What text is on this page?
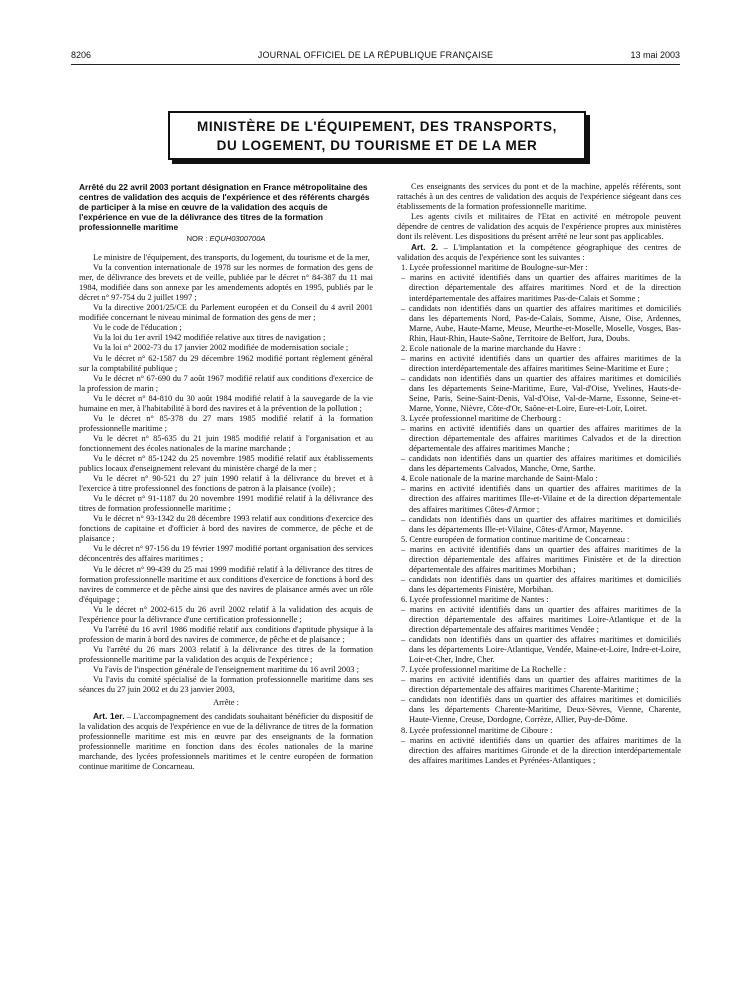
8206	JOURNAL OFFICIEL DE LA RÉPUBLIQUE FRANÇAISE	13 mai 2003
MINISTÈRE DE L'ÉQUIPEMENT, DES TRANSPORTS,
DU LOGEMENT, DU TOURISME ET DE LA MER

Arrêté du 22 avril 2003 portant désignation en France métropolitaine des centres de validation des acquis de l'expérience et des référents chargés de participer à la mise en œuvre de la validation des acquis de l'expérience en vue de la délivrance des titres de la formation professionnelle maritime

NOR : EQUH0300700A

Le ministre de l'équipement, des transports, du logement, du tourisme et de la mer,

Vu la convention internationale de 1978 sur les normes de formation des gens de mer, de délivrance des brevets et de veille, publiée par le décret n° 84-387 du 11 mai 1984, modifiée dans son annexe par les amendements adoptés en 1995, publiés par le décret n° 97-754 du 2 juillet 1997 ;

Vu la directive 2001/25/CE du Parlement européen et du Conseil du 4 avril 2001 modifiée concernant le niveau minimal de formation des gens de mer ;

Vu le code de l'éducation ;

Vu la loi du 1er avril 1942 modifiée relative aux titres de navigation ;

Vu la loi n° 2002-73 du 17 janvier 2002 modifiée de modernisation sociale ;

Vu le décret n° 62-1587 du 29 décembre 1962 modifié portant règlement général sur la comptabilité publique ;

Vu le décret n° 67-690 du 7 août 1967 modifié relatif aux conditions d'exercice de la profession de marin ;

Vu le décret n° 84-810 du 30 août 1984 modifié relatif à la sauvegarde de la vie humaine en mer, à l'habitabilité à bord des navires et à la prévention de la pollution ;

Vu le décret n° 85-378 du 27 mars 1985 modifié relatif à la formation professionnelle maritime ;

Vu le décret n° 85-635 du 21 juin 1985 modifié relatif à l'organisation et au fonctionnement des écoles nationales de la marine marchande ;

Vu le décret n° 85-1242 du 25 novembre 1985 modifié relatif aux établissements publics locaux d'enseignement relevant du ministère chargé de la mer ;

Vu le décret n° 90-521 du 27 juin 1990 relatif à la délivrance du brevet et à l'exercice à titre professionnel des fonctions de patron à la plaisance (voile) ;

Vu le décret n° 91-1187 du 20 novembre 1991 modifié relatif à la délivrance des titres de formation professionnelle maritime ;

Vu le décret n° 93-1342 du 28 décembre 1993 relatif aux conditions d'exercice des fonctions de capitaine et d'officier à bord des navires de commerce, de pêche et de plaisance ;

Vu le décret n° 97-156 du 19 février 1997 modifié portant organisation des services déconcentrés des affaires maritimes ;

Vu le décret n° 99-439 du 25 mai 1999 modifié relatif à la délivrance des titres de formation professionnelle maritime et aux conditions d'exercice de fonctions à bord des navires de commerce et de pêche ainsi que des navires de plaisance armés avec un rôle d'équipage ;

Vu le décret n° 2002-615 du 26 avril 2002 relatif à la validation des acquis de l'expérience pour la délivrance d'une certification professionnelle ;

Vu l'arrêté du 16 avril 1986 modifié relatif aux conditions d'aptitude physique à la profession de marin à bord des navires de commerce, de pêche et de plaisance ;

Vu l'arrêté du 26 mars 2003 relatif à la délivrance des titres de la formation professionnelle maritime par la validation des acquis de l'expérience ;

Vu l'avis de l'inspection générale de l'enseignement maritime du 16 avril 2003 ;

Vu l'avis du comité spécialisé de la formation professionnelle maritime dans ses séances du 27 juin 2002 et du 23 janvier 2003,

Arrête :

Art. 1er. – L'accompagnement des candidats souhaitant bénéficier du dispositif de la validation des acquis de l'expérience en vue de la délivrance de titres de la formation professionnelle maritime est mis en œuvre par des enseignants de la formation professionnelle maritime en fonction dans des écoles nationales de la marine marchande, des lycées professionnels maritimes et le centre européen de formation continue maritime de Concarneau.

Ces enseignants des services du pont et de la machine, appelés référents, sont rattachés à un des centres de validation des acquis de l'expérience siégeant dans ces établissements de la formation professionnelle maritime.

Les agents civils et militaires de l'Etat en activité en métropole peuvent dépendre de centres de validation des acquis de l'expérience propres aux ministères dont ils relèvent. Les dispositions du présent arrêté ne leur sont pas applicables.

Art. 2. – L'implantation et la compétence géographique des centres de validation des acquis de l'expérience sont les suivantes :

1. Lycée professionnel maritime de Boulogne-sur-Mer :

– marins en activité identifiés dans un quartier des affaires maritimes de la direction départementale des affaires maritimes Nord et de la direction interdépartementale des affaires maritimes Pas-de-Calais et Somme ;

– candidats non identifiés dans un quartier des affaires maritimes et domiciliés dans les départements Nord, Pas-de-Calais, Somme, Aisne, Oise, Ardennes, Marne, Aube, Haute-Marne, Meuse, Meurthe-et-Moselle, Moselle, Vosges, Bas-Rhin, Haut-Rhin, Haute-Saône, Territoire de Belfort, Jura, Doubs.

2. Ecole nationale de la marine marchande du Havre :

– marins en activité identifiés dans un quartier des affaires maritimes de la direction interdépartementale des affaires maritimes Seine-Maritime et Eure ;

– candidats non identifiés dans un quartier des affaires maritimes et domiciliés dans les départements Seine-Maritime, Eure, Val-d'Oise, Yvelines, Hauts-de-Seine, Paris, Seine-Saint-Denis, Val-d'Oise, Val-de-Marne, Essonne, Seine-et-Marne, Yonne, Nièvre, Côte-d'Or, Saône-et-Loire, Eure-et-Loir, Loiret.

3. Lycée professionnel maritime de Cherbourg :

– marins en activité identifiés dans un quartier des affaires maritimes de la direction départementale des affaires maritimes Calvados et de la direction départementale des affaires maritimes Manche ;

– candidats non identifiés dans un quartier des affaires maritimes et domiciliés dans les départements Calvados, Manche, Orne, Sarthe.

4. Ecole nationale de la marine marchande de Saint-Malo :

– marins en activité identifiés dans un quartier des affaires maritimes de la direction des affaires maritimes Ille-et-Vilaine et de la direction départementale des affaires maritimes Côtes-d'Armor ;

– candidats non identifiés dans un quartier des affaires maritimes et domiciliés dans les départements Ille-et-Vilaine, Côtes-d'Armor, Mayenne.

5. Centre européen de formation continue maritime de Concarneau :

– marins en activité identifiés dans un quartier des affaires maritimes de la direction départementale des affaires maritimes Finistère et de la direction départementale des affaires maritimes Morbihan ;

– candidats non identifiés dans un quartier des affaires maritimes et domiciliés dans les départements Finistère, Morbihan.

6. Lycée professionnel maritime de Nantes :

– marins en activité identifiés dans un quartier des affaires maritimes de la direction départementale des affaires maritimes Loire-Atlantique et de la direction départementale des affaires maritimes Vendée ;

– candidats non identifiés dans un quartier des affaires maritimes et domiciliés dans les départements Loire-Atlantique, Vendée, Maine-et-Loire, Indre-et-Loire, Loir-et-Cher, Indre, Cher.

7. Lycée professionnel maritime de La Rochelle :

– marins en activité identifiés dans un quartier des affaires maritimes de la direction départementale des affaires maritimes Charente-Maritime ;

– candidats non identifiés dans un quartier des affaires maritimes et domiciliés dans les départements Charente-Maritime, Deux-Sèvres, Vienne, Charente, Haute-Vienne, Creuse, Dordogne, Corrèze, Allier, Puy-de-Dôme.

8. Lycée professionnel maritime de Ciboure :

– marins en activité identifiés dans un quartier des affaires maritimes de la direction des affaires maritimes Gironde et de la direction interdépartementale des affaires maritimes Landes et Pyrénées-Atlantiques ;
